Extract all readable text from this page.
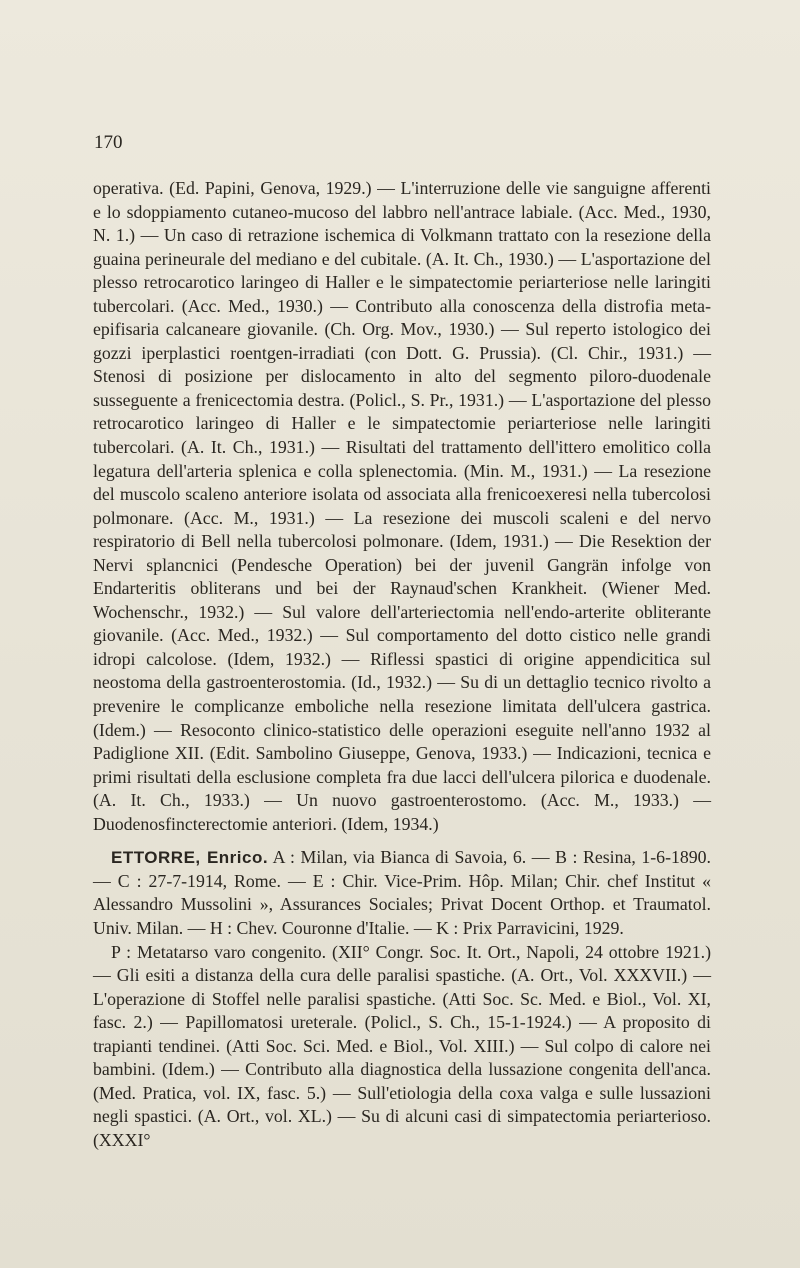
170

operativa. (Ed. Papini, Genova, 1929.) — L'interruzione delle vie sanguigne afferenti e lo sdoppiamento cutaneo-mucoso del labbro nell'antrace labiale. (Acc. Med., 1930, N. 1.) — Un caso di retrazione ischemica di Volkmann trattato con la resezione della guaina perineurale del mediano e del cubitale. (A. It. Ch., 1930.) — L'asportazione del plesso retrocarotico laringeo di Haller e le simpatectomie periarteriose nelle laringiti tubercolari. (Acc. Med., 1930.) — Contributo alla conoscenza della distrofia meta-epifisaria calcaneare giovanile. (Ch. Org. Mov., 1930.) — Sul reperto istologico dei gozzi iperplastici roentgen-irradiati (con Dott. G. Prussia). (Cl. Chir., 1931.) — Stenosi di posizione per dislocamento in alto del segmento piloro-duodenale susseguente a frenicectomia destra. (Policl., S. Pr., 1931.) — L'asportazione del plesso retrocarotico laringeo di Haller e le simpatectomie periarteriose nelle laringiti tubercolari. (A. It. Ch., 1931.) — Risultati del trattamento dell'ittero emolitico colla legatura dell'arteria splenica e colla splenectomia. (Min. M., 1931.) — La resezione del muscolo scaleno anteriore isolata od associata alla frenicoexeresi nella tubercolosi polmonare. (Acc. M., 1931.) — La resezione dei muscoli scaleni e del nervo respiratorio di Bell nella tubercolosi polmonare. (Idem, 1931.) — Die Resektion der Nervi splancnici (Pendesche Operation) bei der juvenil Gangrän infolge von Endarteritis obliterans und bei der Raynaud'schen Krankheit. (Wiener Med. Wochenschr., 1932.) — Sul valore dell'arteriectomia nell'endo-arterite obliterante giovanile. (Acc. Med., 1932.) — Sul comportamento del dotto cistico nelle grandi idropi calcolose. (Idem, 1932.) — Riflessi spastici di origine appendicitica sul neostoma della gastroenterostomia. (Id., 1932.) — Su di un dettaglio tecnico rivolto a prevenire le complicanze emboliche nella resezione limitata dell'ulcera gastrica. (Idem.) — Resoconto clinico-statistico delle operazioni eseguite nell'anno 1932 al Padiglione XII. (Edit. Sambolino Giuseppe, Genova, 1933.) — Indicazioni, tecnica e primi risultati della esclusione completa fra due lacci dell'ulcera pilorica e duodenale. (A. It. Ch., 1933.) — Un nuovo gastroenterostomo. (Acc. M., 1933.) — Duodenosfincterectomie anteriori. (Idem, 1934.)

ETTORRE, Enrico. A : Milan, via Bianca di Savoia, 6. — B : Resina, 1-6-1890. — C : 27-7-1914, Rome. — E : Chir. Vice-Prim. Hôp. Milan; Chir. chef Institut « Alessandro Mussolini », Assurances Sociales; Privat Docent Orthop. et Traumatol. Univ. Milan. — H : Chev. Couronne d'Italie. — K : Prix Parravicini, 1929.

P : Metatarso varo congenito. (XII° Congr. Soc. It. Ort., Napoli, 24 ottobre 1921.) — Gli esiti a distanza della cura delle paralisi spastiche. (A. Ort., Vol. XXXVII.) — L'operazione di Stoffel nelle paralisi spastiche. (Atti Soc. Sc. Med. e Biol., Vol. XI, fasc. 2.) — Papillomatosi ureterale. (Policl., S. Ch., 15-1-1924.) — A proposito di trapianti tendinei. (Atti Soc. Sci. Med. e Biol., Vol. XIII.) — Sul colpo di calore nei bambini. (Idem.) — Contributo alla diagnostica della lussazione congenita dell'anca. (Med. Pratica, vol. IX, fasc. 5.) — Sull'etiologia della coxa valga e sulle lussazioni negli spastici. (A. Ort., vol. XL.) — Su di alcuni casi di simpatectomia periarterioso. (XXXI°
